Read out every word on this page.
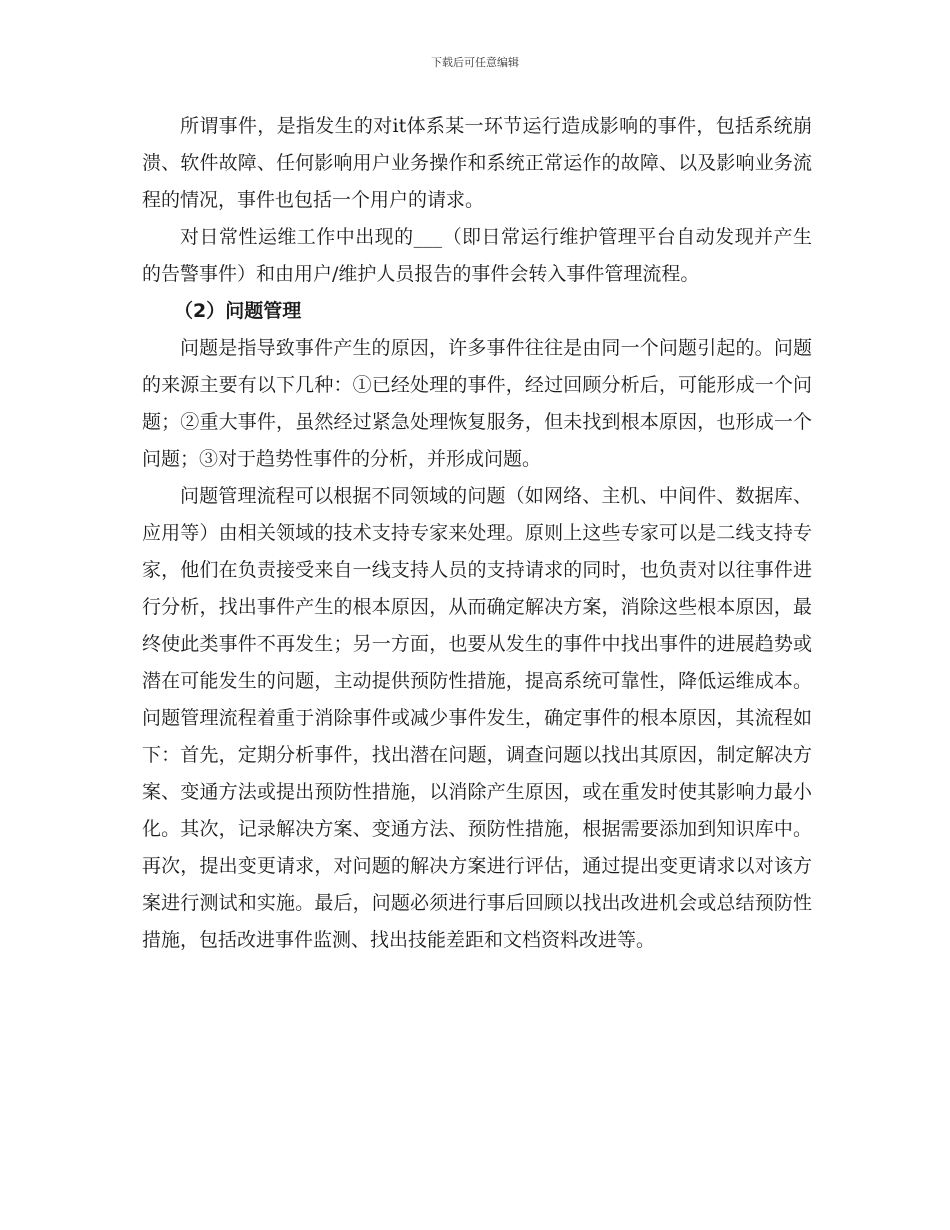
下载后可任意编辑

所谓事件，是指发生的对it体系某一环节运行造成影响的事件，包括系统崩溃、软件故障、任何影响用户业务操作和系统正常运作的故障、以及影响业务流程的情况，事件也包括一个用户的请求。

对日常性运维工作中出现的___（即日常运行维护管理平台自动发现并产生的告警事件）和由用户/维护人员报告的事件会转入事件管理流程。

（2）问题管理

问题是指导致事件产生的原因，许多事件往往是由同一个问题引起的。问题的来源主要有以下几种：①已经处理的事件，经过回顾分析后，可能形成一个问题；②重大事件，虽然经过紧急处理恢复服务，但未找到根本原因，也形成一个问题；③对于趋势性事件的分析，并形成问题。

问题管理流程可以根据不同领域的问题（如网络、主机、中间件、数据库、应用等）由相关领域的技术支持专家来处理。原则上这些专家可以是二线支持专家，他们在负责接受来自一线支持人员的支持请求的同时，也负责对以往事件进行分析，找出事件产生的根本原因，从而确定解决方案，消除这些根本原因，最终使此类事件不再发生；另一方面，也要从发生的事件中找出事件的进展趋势或潜在可能发生的问题，主动提供预防性措施，提高系统可靠性，降低运维成本。问题管理流程着重于消除事件或减少事件发生，确定事件的根本原因，其流程如下：首先，定期分析事件，找出潜在问题，调查问题以找出其原因，制定解决方案、变通方法或提出预防性措施，以消除产生原因，或在重发时使其影响力最小化。其次，记录解决方案、变通方法、预防性措施，根据需要添加到知识库中。再次，提出变更请求，对问题的解决方案进行评估，通过提出变更请求以对该方案进行测试和实施。最后，问题必须进行事后回顾以找出改进机会或总结预防性措施，包括改进事件监测、找出技能差距和文档资料改进等。
